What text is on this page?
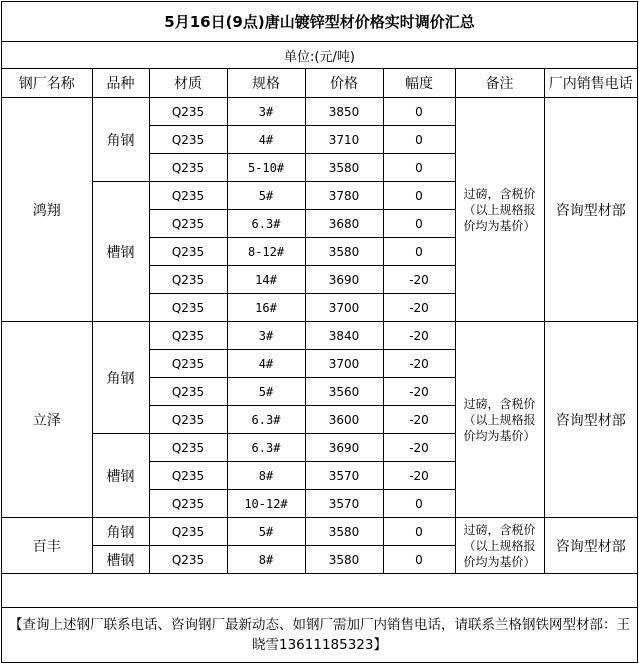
5月16日(9点)唐山镀锌型材价格实时调价汇总
单位:(元/吨)
钢厂名称	品种	材质	规格	价格	幅度	备注	厂内销售电话
鸿翔	角钢	Q235	3#	3850	0	过磅，含税价（以上规格报价均为基价）	咨询型材部
		Q235	4#	3710	0		
		Q235	5-10#	3580	0		
	槽钢	Q235	5#	3780	0		
		Q235	6.3#	3680	0		
		Q235	8-12#	3580	0		
		Q235	14#	3690	-20		
		Q235	16#	3700	-20		
立泽	角钢	Q235	3#	3840	-20	过磅，含税价（以上规格报价均为基价）	咨询型材部
		Q235	4#	3700	-20		
		Q235	5#	3560	-20		
		Q235	6.3#	3600	-20		
	槽钢	Q235	6.3#	3690	-20		
		Q235	8#	3570	-20		
		Q235	10-12#	3570	0		
百丰	角钢	Q235	5#	3580	0	过磅，含税价（以上规格报价均为基价）	咨询型材部
	槽钢	Q235	8#	3580	0		
【查询上述钢厂联系电话、咨询钢厂最新动态、如钢厂需加厂内销售电话，请联系兰格钢铁网型材部：王晓雪13611185323】
